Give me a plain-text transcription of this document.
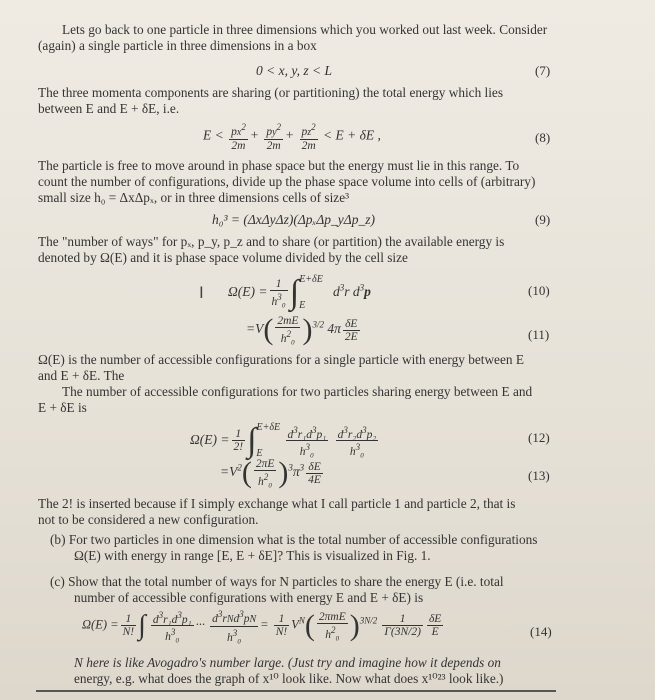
Lets go back to one particle in three dimensions which you worked out last week. Consider

(again) a single particle in three dimensions in a box

0 < x, y, z < L	(7)

The three momenta components are sharing (or partitioning) the total energy which lies

between E and E + δE, i.e.

$E < \frac{px^2}{2m} + \frac{py^2}{2m} + \frac{pz^2}{2m} < E + \delta E$ ,	(8)

The particle is free to move around in phase space but the energy must lie in this range. To

count the number of configurations, divide up the phase space volume into cells of (arbitrary)

small size h₀ = ΔxΔpₓ, or in three dimensions cells of size³

h₀³ = (ΔxΔyΔz)(ΔpₓΔp_yΔp_z)	(9)

The "number of ways" for pₓ, p_y, p_z and to share (or partition) the available energy is

denoted by Ω(E) and it is phase space volume divided by the cell size

$\Omega(E) = \frac{1}{h^3_0} \int_E^{E+\delta E}$   $d^3r$ $d^3p$	(10)
I
$=V( \frac{2mE}{h^2_0} )^{3/2}$ $4\pi \frac{\delta E}{2E}$	(11)

Ω(E) is the number of accessible configurations for a single particle with energy between E

and E + δE. The

The number of accessible configurations for two particles sharing energy between E and

E + δE is

$\Omega(E) = \frac{1}{2!} \int_E^{E+\delta E} \frac{d^3r_1d^3p_1}{h^3_0}$
$\frac{d^3r_2d^3p_2}{h^3_0}$	(12)
$=V^2( \frac{2\pi E}{h^2_0} )^3\pi^3 \frac{\delta E}{4E}$	(13)

The 2! is inserted because if I simply exchange what I call particle 1 and particle 2, that is

not to be considered a new configuration.

(b) For two particles in one dimension what is the total number of accessible configurations

Ω(E) with energy in range [E, E + δE]? This is visualized in Fig. 1.

(c) Show that the total number of ways for N particles to share the energy E (i.e. total

number of accessible configurations with energy E and E + δE) is

$\Omega(E) = \frac{1}{N!}$ ∫ $\frac{d^3r_1d^3p_1}{h^3_0}$ ··· $\frac{d^3rNd^3pN}{h^3_0} = \frac{1}{N!} V^N( \frac{\text{2πmE}}{h^2_0} )^{3N/2} \frac{1}{\Gamma(3N/2)} \frac{\delta E}{E}$	(14)

N here is like Avogadro's number large. (Just try and imagine how it depends on

energy, e.g. what does the graph of x¹⁰ look like. Now what does x¹⁰²³ look like.)
